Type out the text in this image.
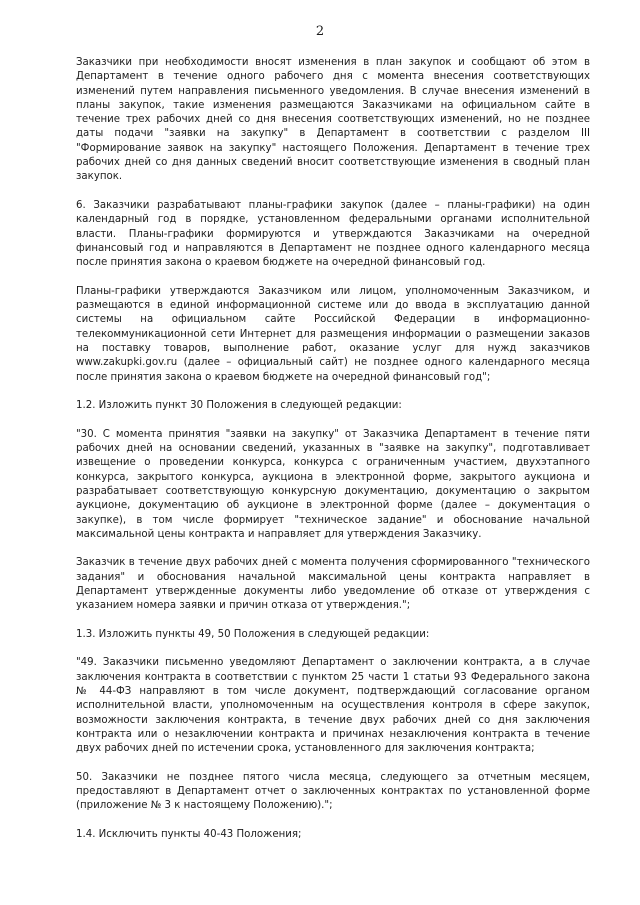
2

Заказчики при необходимости вносят изменения в план закупок и сообщают об этом в Департамент в течение одного рабочего дня с момента внесения соответствующих изменений путем направления письменного уведомления. В случае внесения изменений в планы закупок, такие изменения размещаются Заказчиками на официальном сайте в течение трех рабочих дней со дня внесения соответствующих изменений, но не позднее даты подачи "заявки на закупку" в Департамент в соответствии с разделом III "Формирование заявок на закупку" настоящего Положения. Департамент в течение трех рабочих дней со дня данных сведений вносит соответствующие изменения в сводный план закупок.

6. Заказчики разрабатывают планы-графики закупок (далее – планы-графики) на один календарный год в порядке, установленном федеральными органами исполнительной власти. Планы-графики формируются и утверждаются Заказчиками на очередной финансовый год и направляются в Департамент не позднее одного календарного месяца после принятия закона о краевом бюджете на очередной финансовый год.

Планы-графики утверждаются Заказчиком или лицом, уполномоченным Заказчиком, и размещаются в единой информационной системе или до ввода в эксплуатацию данной системы на официальном сайте Российской Федерации в информационно-телекоммуникационной сети Интернет для размещения информации о размещении заказов на поставку товаров, выполнение работ, оказание услуг для нужд заказчиков www.zakupki.gov.ru (далее – официальный сайт) не позднее одного календарного месяца после принятия закона о краевом бюджете на очередной финансовый год";

1.2. Изложить пункт 30 Положения в следующей редакции:

"30. С момента принятия "заявки на закупку" от Заказчика Департамент в течение пяти рабочих дней на основании сведений, указанных в "заявке на закупку", подготавливает извещение о проведении конкурса, конкурса с ограниченным участием, двухэтапного конкурса, закрытого конкурса, аукциона в электронной форме, закрытого аукциона и разрабатывает соответствующую конкурсную документацию, документацию о закрытом аукционе, документацию об аукционе в электронной форме (далее – документация о закупке), в том числе формирует "техническое задание" и обоснование начальной максимальной цены контракта и направляет для утверждения Заказчику.

Заказчик в течение двух рабочих дней с момента получения сформированного "технического задания" и обоснования начальной максимальной цены контракта направляет в Департамент утвержденные документы либо уведомление об отказе от утверждения с указанием номера заявки и причин отказа от утверждения.";

1.3. Изложить пункты 49, 50 Положения в следующей редакции:

"49. Заказчики письменно уведомляют Департамент о заключении контракта, а в случае заключения контракта в соответствии с пунктом 25 части 1 статьи 93 Федерального закона № 44-ФЗ направляют в том числе документ, подтверждающий согласование органом исполнительной власти, уполномоченным на осуществления контроля в сфере закупок, возможности заключения контракта, в течение двух рабочих дней со дня заключения контракта или о незаключении контракта и причинах незаключения контракта в течение двух рабочих дней по истечении срока, установленного для заключения контракта;

50. Заказчики не позднее пятого числа месяца, следующего за отчетным месяцем, предоставляют в Департамент отчет о заключенных контрактах по установленной форме (приложение № 3 к настоящему Положению).";

1.4. Исключить пункты 40-43 Положения;
